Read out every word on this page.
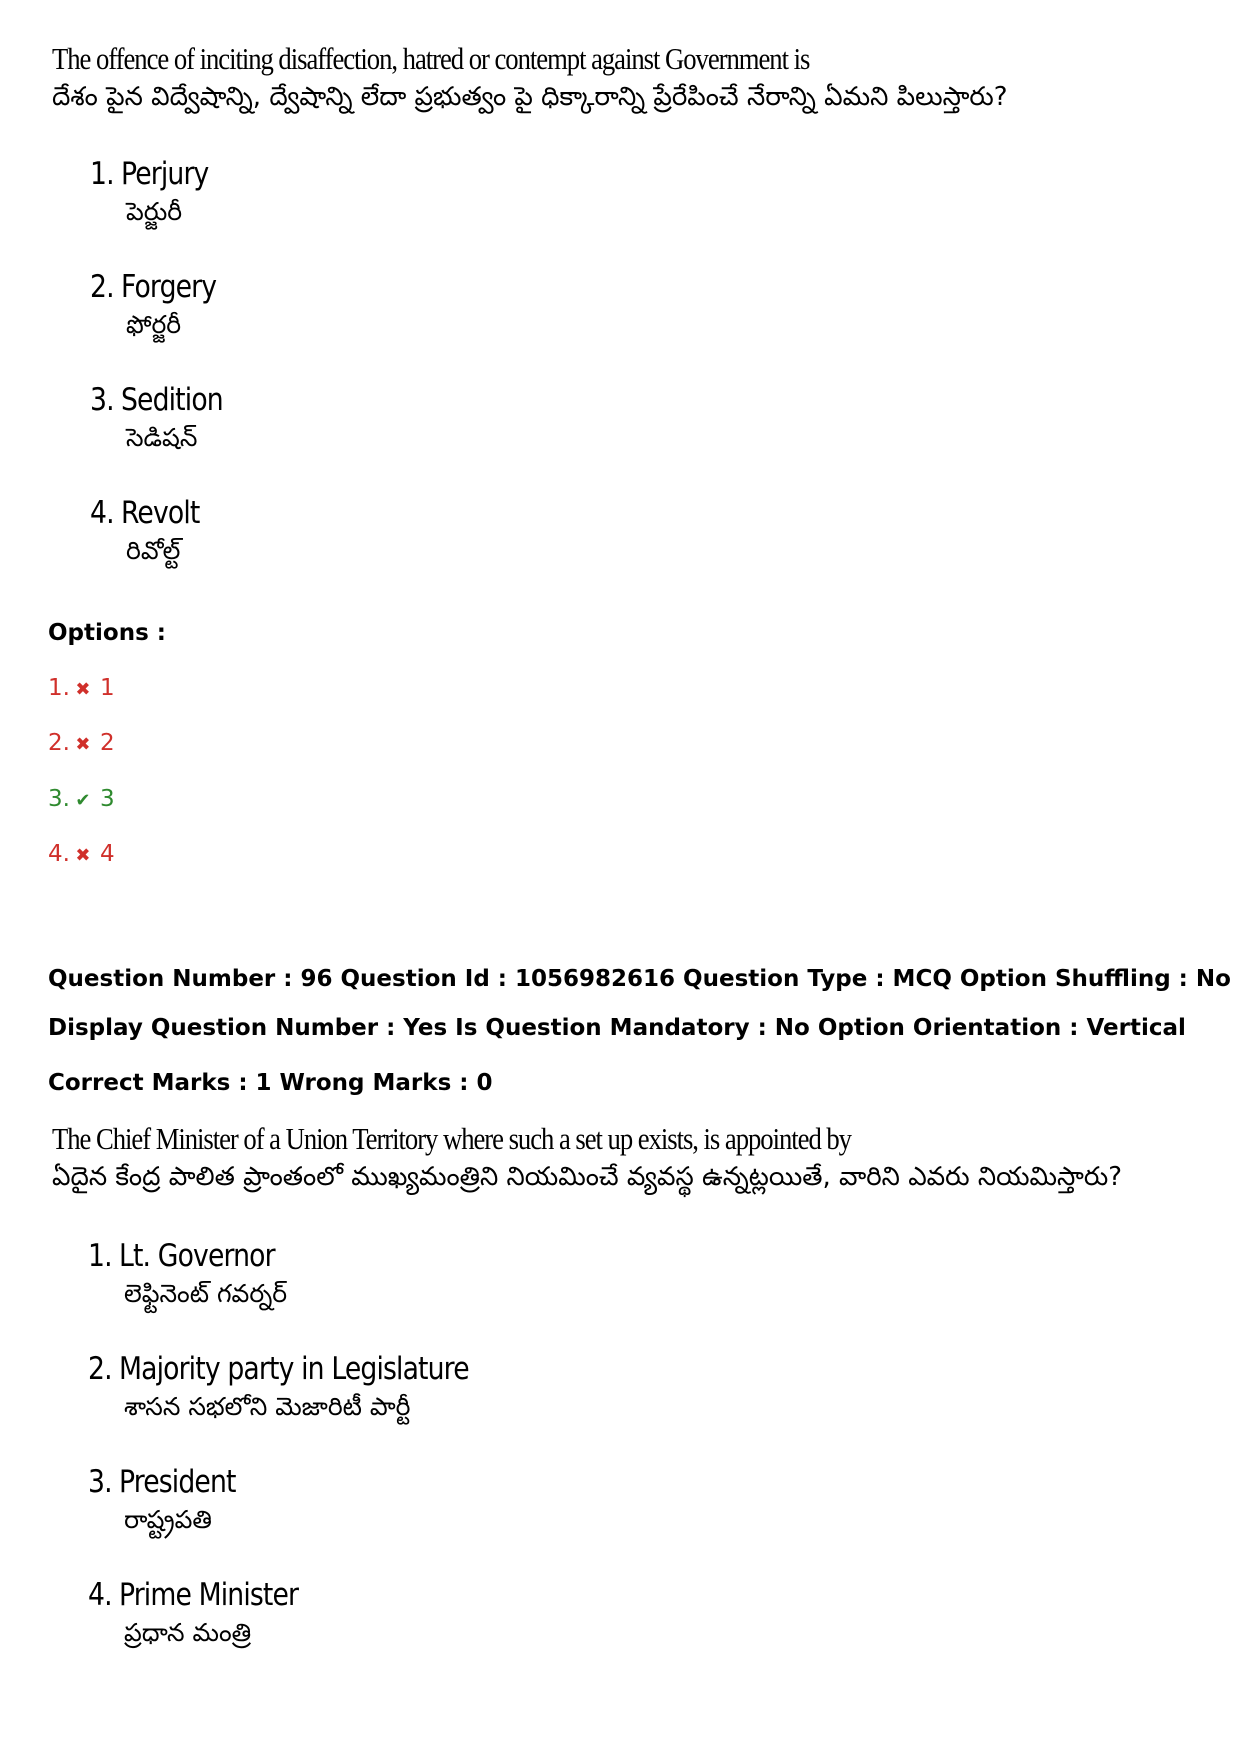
The offence of inciting disaffection, hatred or contempt against Government is
దేశం పైన విద్వేషాన్ని, ద్వేషాన్ని లేదా ప్రభుత్వం పై ధిక్కారాన్ని ప్రేరేపించే నేరాన్ని ఏమని పిలుస్తారు?
1. Perjury
పెర్జురీ
2. Forgery
ఫోర్జరీ
3. Sedition
సెడిషన్
4. Revolt
రివోల్ట్
Options :
1. ✖ 1
2. ✖ 2
3. ✔ 3
4. ✖ 4
Question Number : 96 Question Id : 1056982616 Question Type : MCQ Option Shuffling : No
Display Question Number : Yes Is Question Mandatory : No Option Orientation : Vertical
Correct Marks : 1 Wrong Marks : 0
The Chief Minister of a Union Territory where such a set up exists, is appointed by
ఏదైన కేంద్ర పాలిత ప్రాంతంలో ముఖ్యమంత్రిని నియమించే వ్యవస్థ ఉన్నట్లయితే, వారిని ఎవరు నియమిస్తారు?
1. Lt. Governor
లెఫ్టినెంట్ గవర్నర్
2. Majority party in Legislature
శాసన సభలోని మెజారిటీ పార్టీ
3. President
రాష్ట్రపతి
4. Prime Minister
ప్రధాన మంత్రి
